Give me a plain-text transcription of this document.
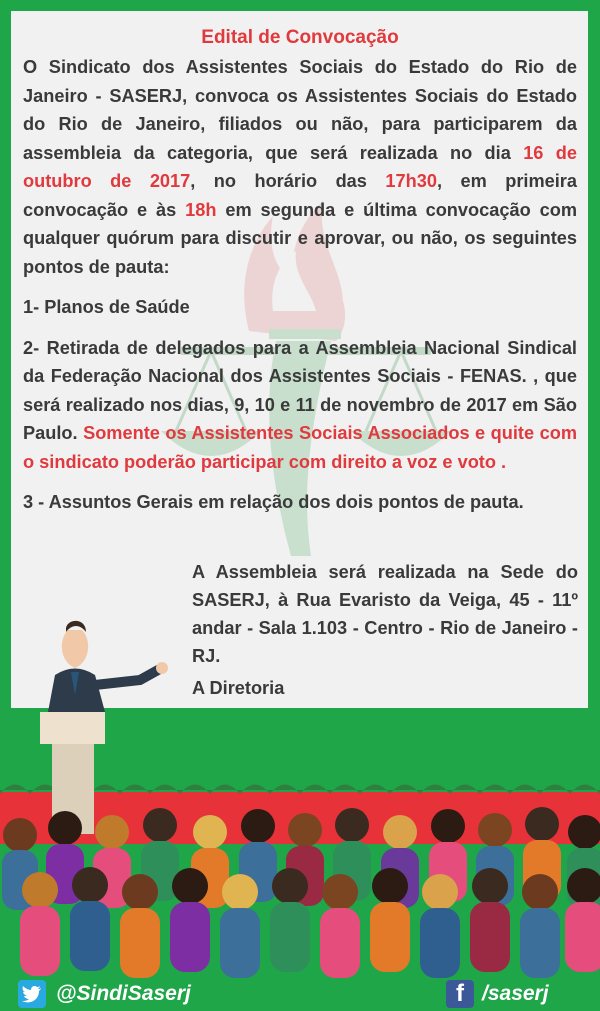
Edital de Convocação

O Sindicato dos Assistentes Sociais do Estado do Rio de Janeiro - SASERJ, convoca os Assistentes Sociais do Estado do Rio de Janeiro, filiados ou não, para participarem da assembleia da categoria, que será realizada no dia 16 de outubro de 2017, no horário das 17h30, em primeira convocação e às 18h em segunda e última convocação com qualquer quórum para discutir e aprovar, ou não, os seguintes pontos de pauta:

1- Planos de Saúde

2- Retirada de delegados para a Assembleia Nacional Sindical da Federação Nacional dos Assistentes Sociais - FENAS. , que será realizado nos dias, 9, 10 e 11 de novembro de 2017 em São Paulo. Somente os Assistentes Sociais Associados e quite com o sindicato poderão participar com direito a voz e voto .

3 - Assuntos Gerais em relação dos dois pontos de pauta.

A Assembleia será realizada na Sede do SASERJ, à Rua Evaristo da Veiga, 45 - 11º andar - Sala 1.103 - Centro - Rio de Janeiro - RJ.
A Diretoria
@SindiSaserj	f /saserj
